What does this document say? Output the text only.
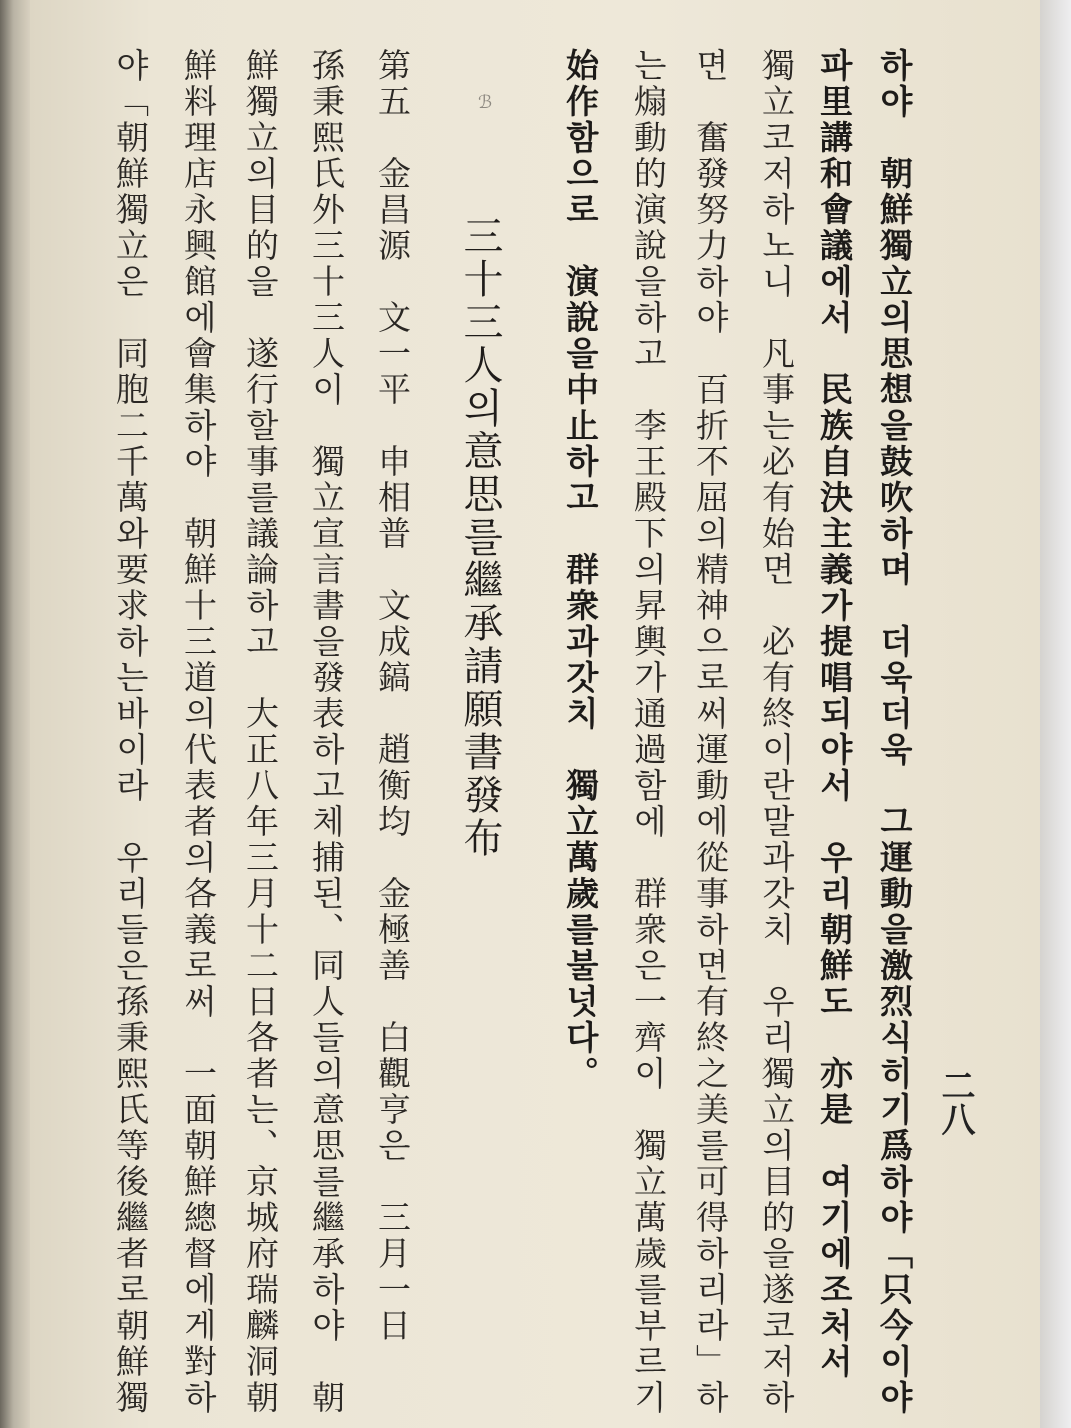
二八
ℬ	하야　朝鮮獨立의思想을鼓吹하며　더욱더욱　그運動을激烈식히기爲하야「只今이야
파里講和會議에서　民族自決主義가提唱되야서　우리朝鮮도　亦是　여기에조처서
獨立코저하노니　凡事는必有始면　必有終이란말과갓치　우리獨立의目的을遂코저하
면　奮發努力하야　百折不屈의精神으로써運動에從事하면有終之美를可得하리라」하
는煽動的演說을하고　李王殿下의昇輿가通過함에　群衆은一齊이　獨立萬歲를부르기
始作함으로　演說을中止하고　群衆과갓치　獨立萬歲를불넛다。
三十三人의意思를繼承請願書發布
第五　金昌源　文一平　申相普　文成鎬　趙衡均　金極善　白觀亨은　三月一日
孫秉熙氏外三十三人이　獨立宣言書을發表하고체捕된、同人들의意思를繼承하야　朝
鮮獨立의目的을　遂行할事를議論하고　大正八年三月十二日各者는、京城府瑞麟洞朝
鮮料理店永興館에會集하야　朝鮮十三道의代表者의各義로써　一面朝鮮總督에게對하
야「朝鮮獨立은　同胞二千萬와要求하는바이라　우리들은孫秉熙氏等後繼者로朝鮮獨
